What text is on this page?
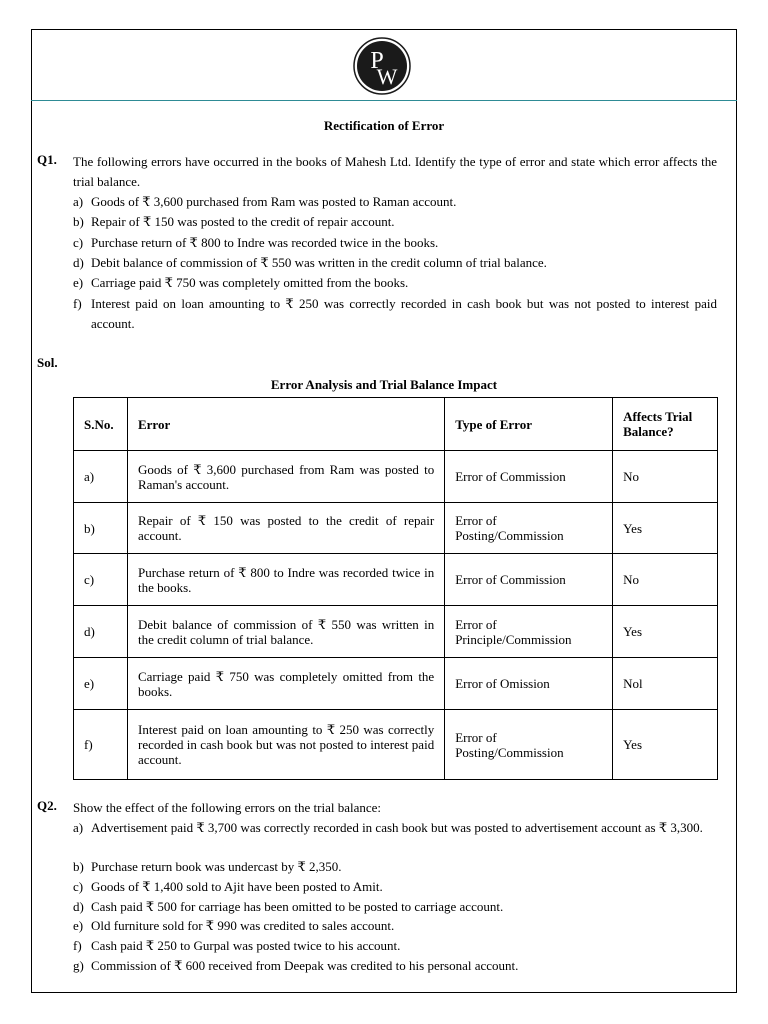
P
W
Rectification of Error
Q1. The following errors have occurred in the books of Mahesh Ltd. Identify the type of error and state which error affects the trial balance.
a) Goods of ₹ 3,600 purchased from Ram was posted to Raman account.
b) Repair of ₹ 150 was posted to the credit of repair account.
c) Purchase return of ₹ 800 to Indre was recorded twice in the books.
d) Debit balance of commission of ₹ 550 was written in the credit column of trial balance.
e) Carriage paid ₹ 750 was completely omitted from the books.
f) Interest paid on loan amounting to ₹ 250 was correctly recorded in cash book but was not posted to interest paid account.
Sol.
Error Analysis and Trial Balance Impact
S.No.	Error	Type of Error	Affects Trial Balance?
a)	Goods of ₹ 3,600 purchased from Ram was posted to Raman's account.	Error of Commission	No
b)	Repair of ₹ 150 was posted to the credit of repair account.	Error of Posting/Commission	Yes
c)	Purchase return of ₹ 800 to Indre was recorded twice in the books.	Error of Commission	No
d)	Debit balance of commission of ₹ 550 was written in the credit column of trial balance.	Error of Principle/Commission	Yes
e)	Carriage paid ₹ 750 was completely omitted from the books.	Error of Omission	Nol
f)	Interest paid on loan amounting to ₹ 250 was correctly recorded in cash book but was not posted to interest paid account.	Error of Posting/Commission	Yes
Q2. Show the effect of the following errors on the trial balance:
a) Advertisement paid ₹ 3,700 was correctly recorded in cash book but was posted to advertisement account as ₹ 3,300.
b) Purchase return book was undercast by ₹ 2,350.
c) Goods of ₹ 1,400 sold to Ajit have been posted to Amit.
d) Cash paid ₹ 500 for carriage has been omitted to be posted to carriage account.
e) Old furniture sold for ₹ 990 was credited to sales account.
f) Cash paid ₹ 250 to Gurpal was posted twice to his account.
g) Commission of ₹ 600 received from Deepak was credited to his personal account.
